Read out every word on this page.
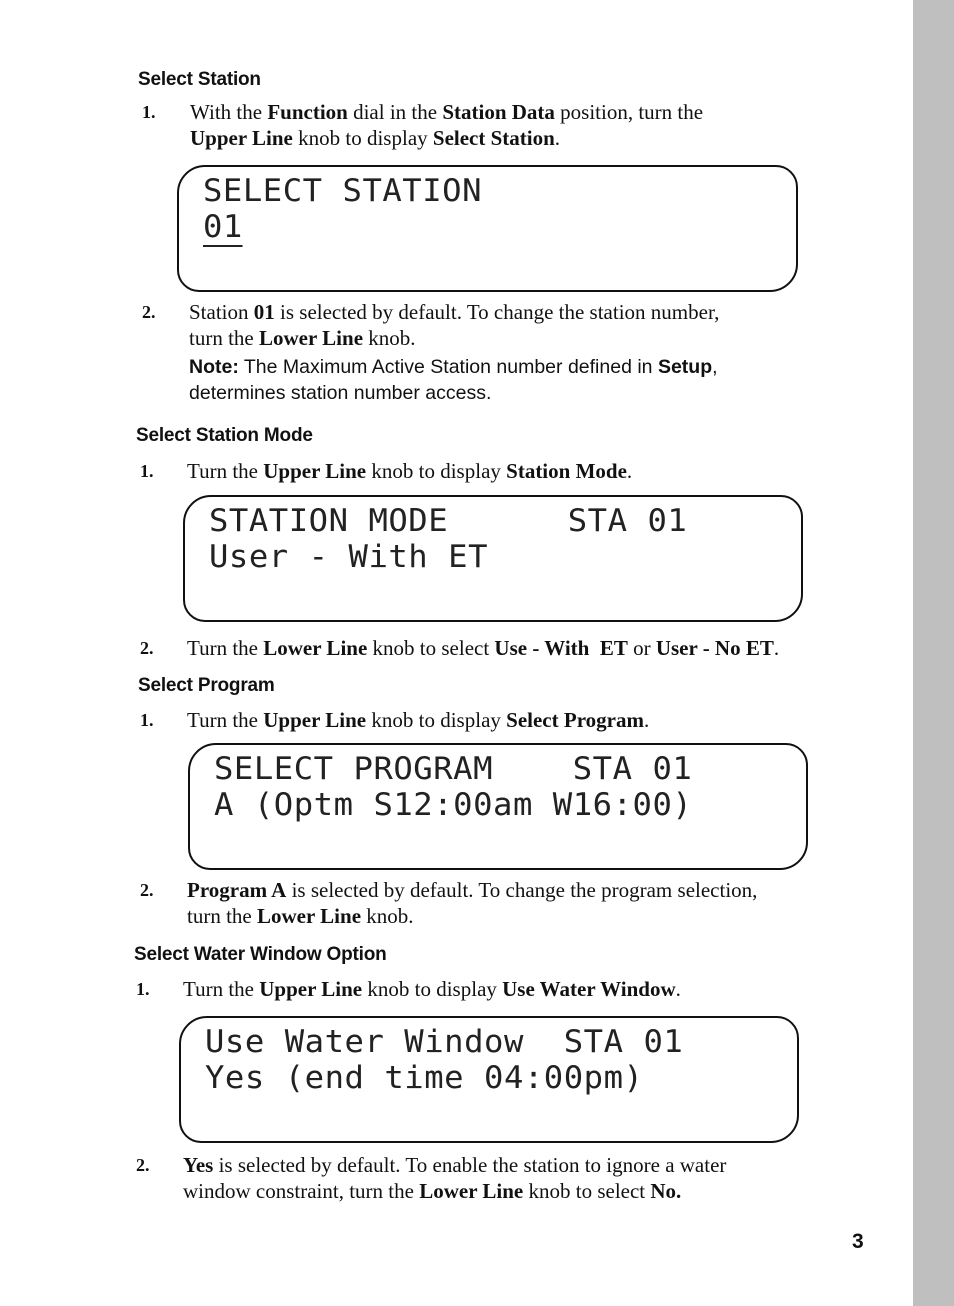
Select Station
1. With the Function dial in the Station Data position, turn the
Upper Line knob to display Select Station.
SELECT STATION
01
2. Station 01 is selected by default. To change the station number,
turn the Lower Line knob.
Note: The Maximum Active Station number defined in Setup,
determines station number access.
Select Station Mode
1. Turn the Upper Line knob to display Station Mode.
STATION MODE      STA 01
User - With ET
2. Turn the Lower Line knob to select Use - With  ET or User - No ET.
Select Program
1. Turn the Upper Line knob to display Select Program.
SELECT PROGRAM    STA 01
A (Optm S12:00am W16:00)
2. Program A is selected by default. To change the program selection,
turn the Lower Line knob.
Select Water Window Option
1. Turn the Upper Line knob to display Use Water Window.
Use Water Window  STA 01
Yes (end time 04:00pm)
2. Yes is selected by default. To enable the station to ignore a water
window constraint, turn the Lower Line knob to select No.
3
